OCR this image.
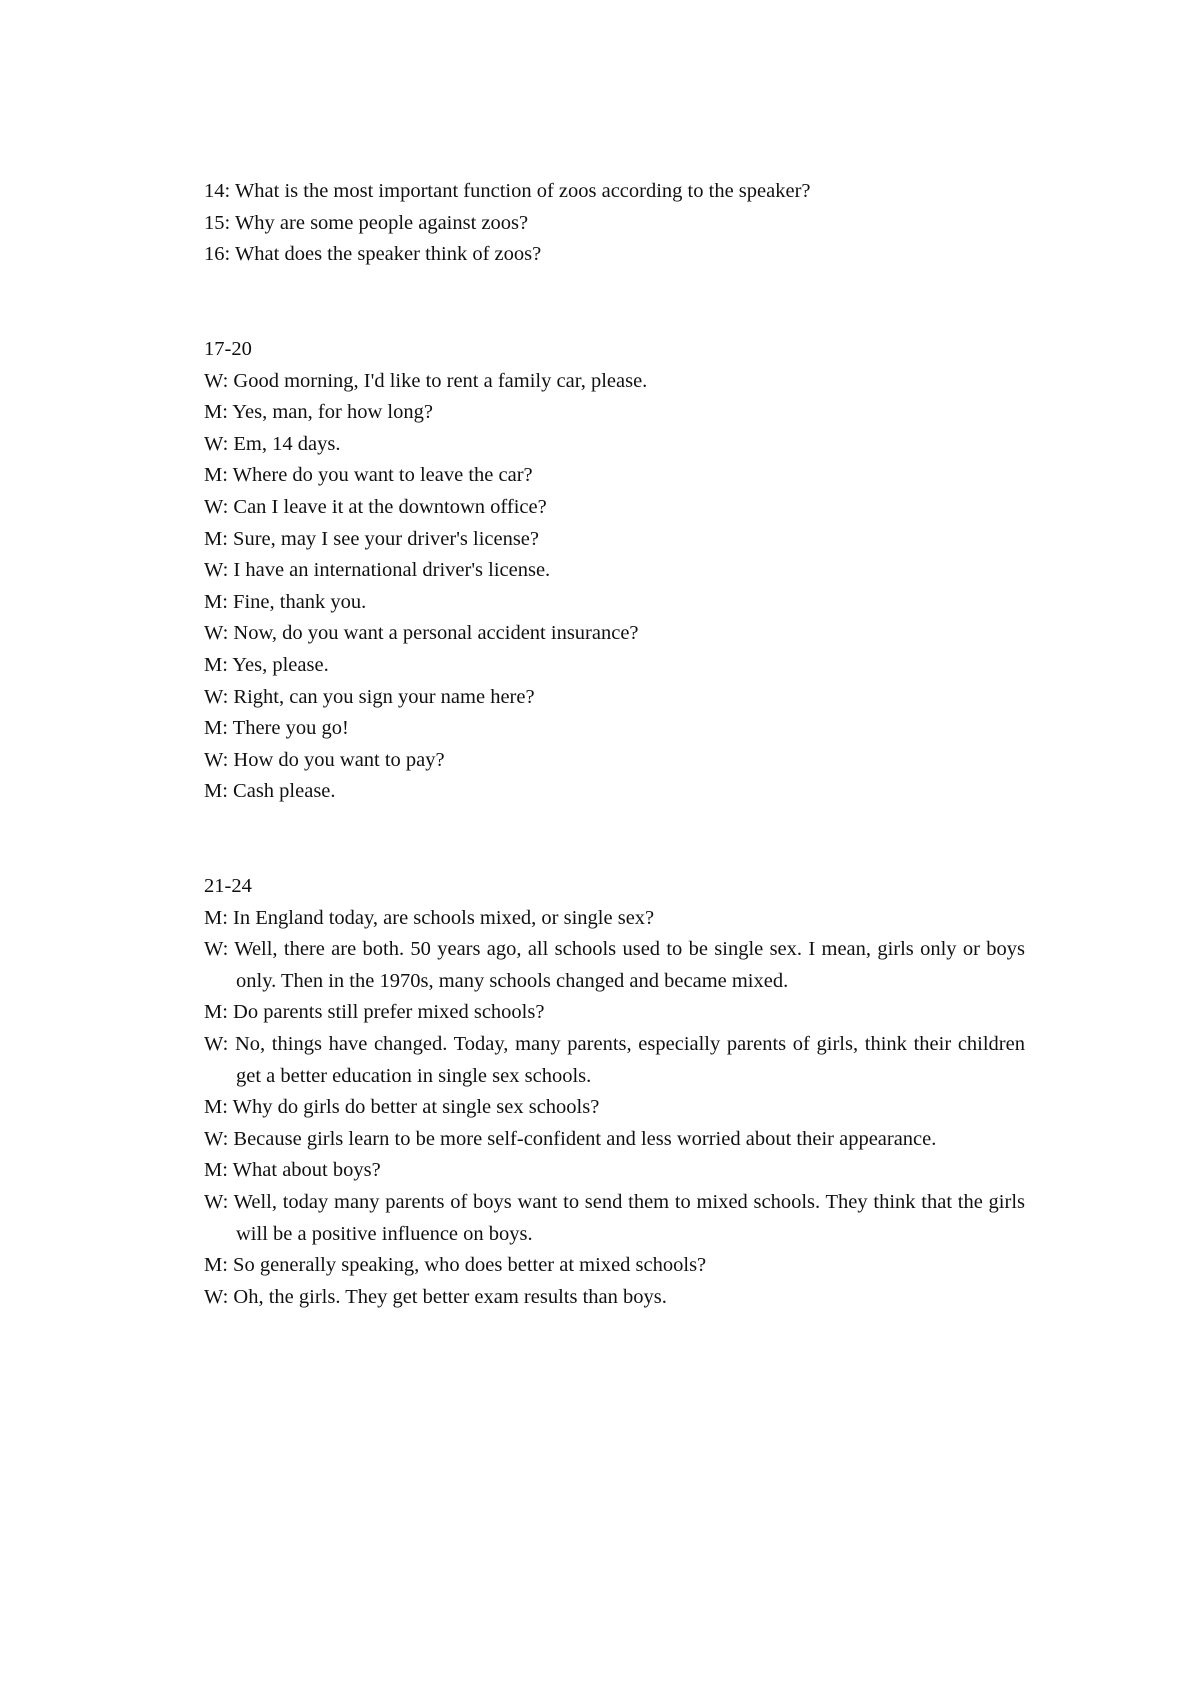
14: What is the most important function of zoos according to the speaker?

15: Why are some people against zoos?

16: What does the speaker think of zoos?

17-20

W: Good morning, I'd like to rent a family car, please.

M: Yes, man, for how long?

W: Em, 14 days.

M: Where do you want to leave the car?

W: Can I leave it at the downtown office?

M: Sure, may I see your driver's license?

W: I have an international driver's license.

M: Fine, thank you.

W: Now, do you want a personal accident insurance?

M: Yes, please.

W: Right, can you sign your name here?

M: There you go!

W: How do you want to pay?

M: Cash please.

21-24

M: In England today, are schools mixed, or single sex?

W: Well, there are both. 50 years ago, all schools used to be single sex. I mean, girls only or boys only. Then in the 1970s, many schools changed and became mixed.

M: Do parents still prefer mixed schools?

W: No, things have changed. Today, many parents, especially parents of girls, think their children get a better education in single sex schools.

M: Why do girls do better at single sex schools?

W: Because girls learn to be more self-confident and less worried about their appearance.

M: What about boys?

W: Well, today many parents of boys want to send them to mixed schools. They think that the girls will be a positive influence on boys.

M: So generally speaking, who does better at mixed schools?

W: Oh, the girls. They get better exam results than boys.
